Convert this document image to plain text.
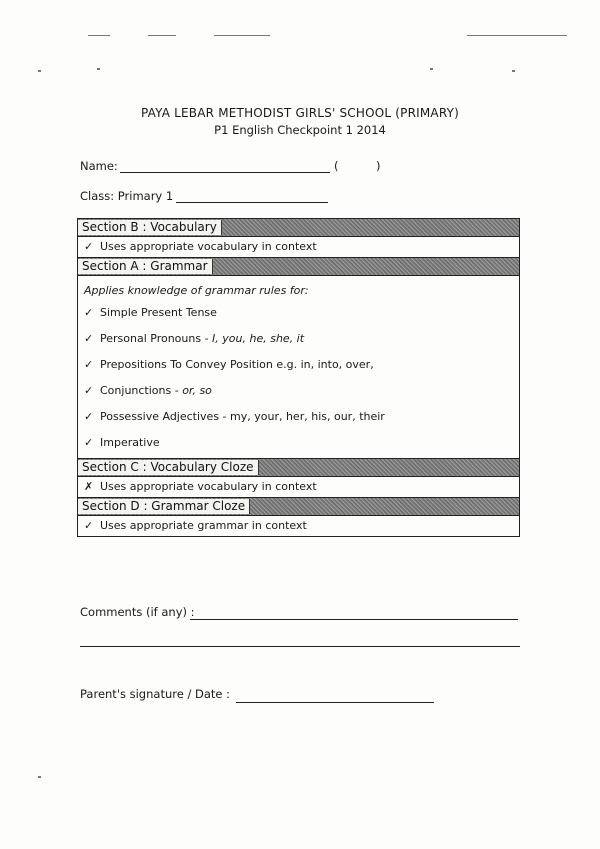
PAYA LEBAR METHODIST GIRLS' SCHOOL (PRIMARY)
P1 English Checkpoint 1 2014
Name:	(	)
Class: Primary 1
Section B : Vocabulary
✓ Uses appropriate vocabulary in context
Section A : Grammar
Applies knowledge of grammar rules for:
✓ Simple Present Tense
✓ Personal Pronouns - I, you, he, she, it
✓ Prepositions To Convey Position e.g. in, into, over,
✓ Conjunctions - or, so
✓ Possessive Adjectives - my, your, her, his, our, their
✓ Imperative
Section C : Vocabulary Cloze
✗ Uses appropriate vocabulary in context
Section D : Grammar Cloze
✓ Uses appropriate grammar in context
Comments (if any) :
Parent's signature / Date :
